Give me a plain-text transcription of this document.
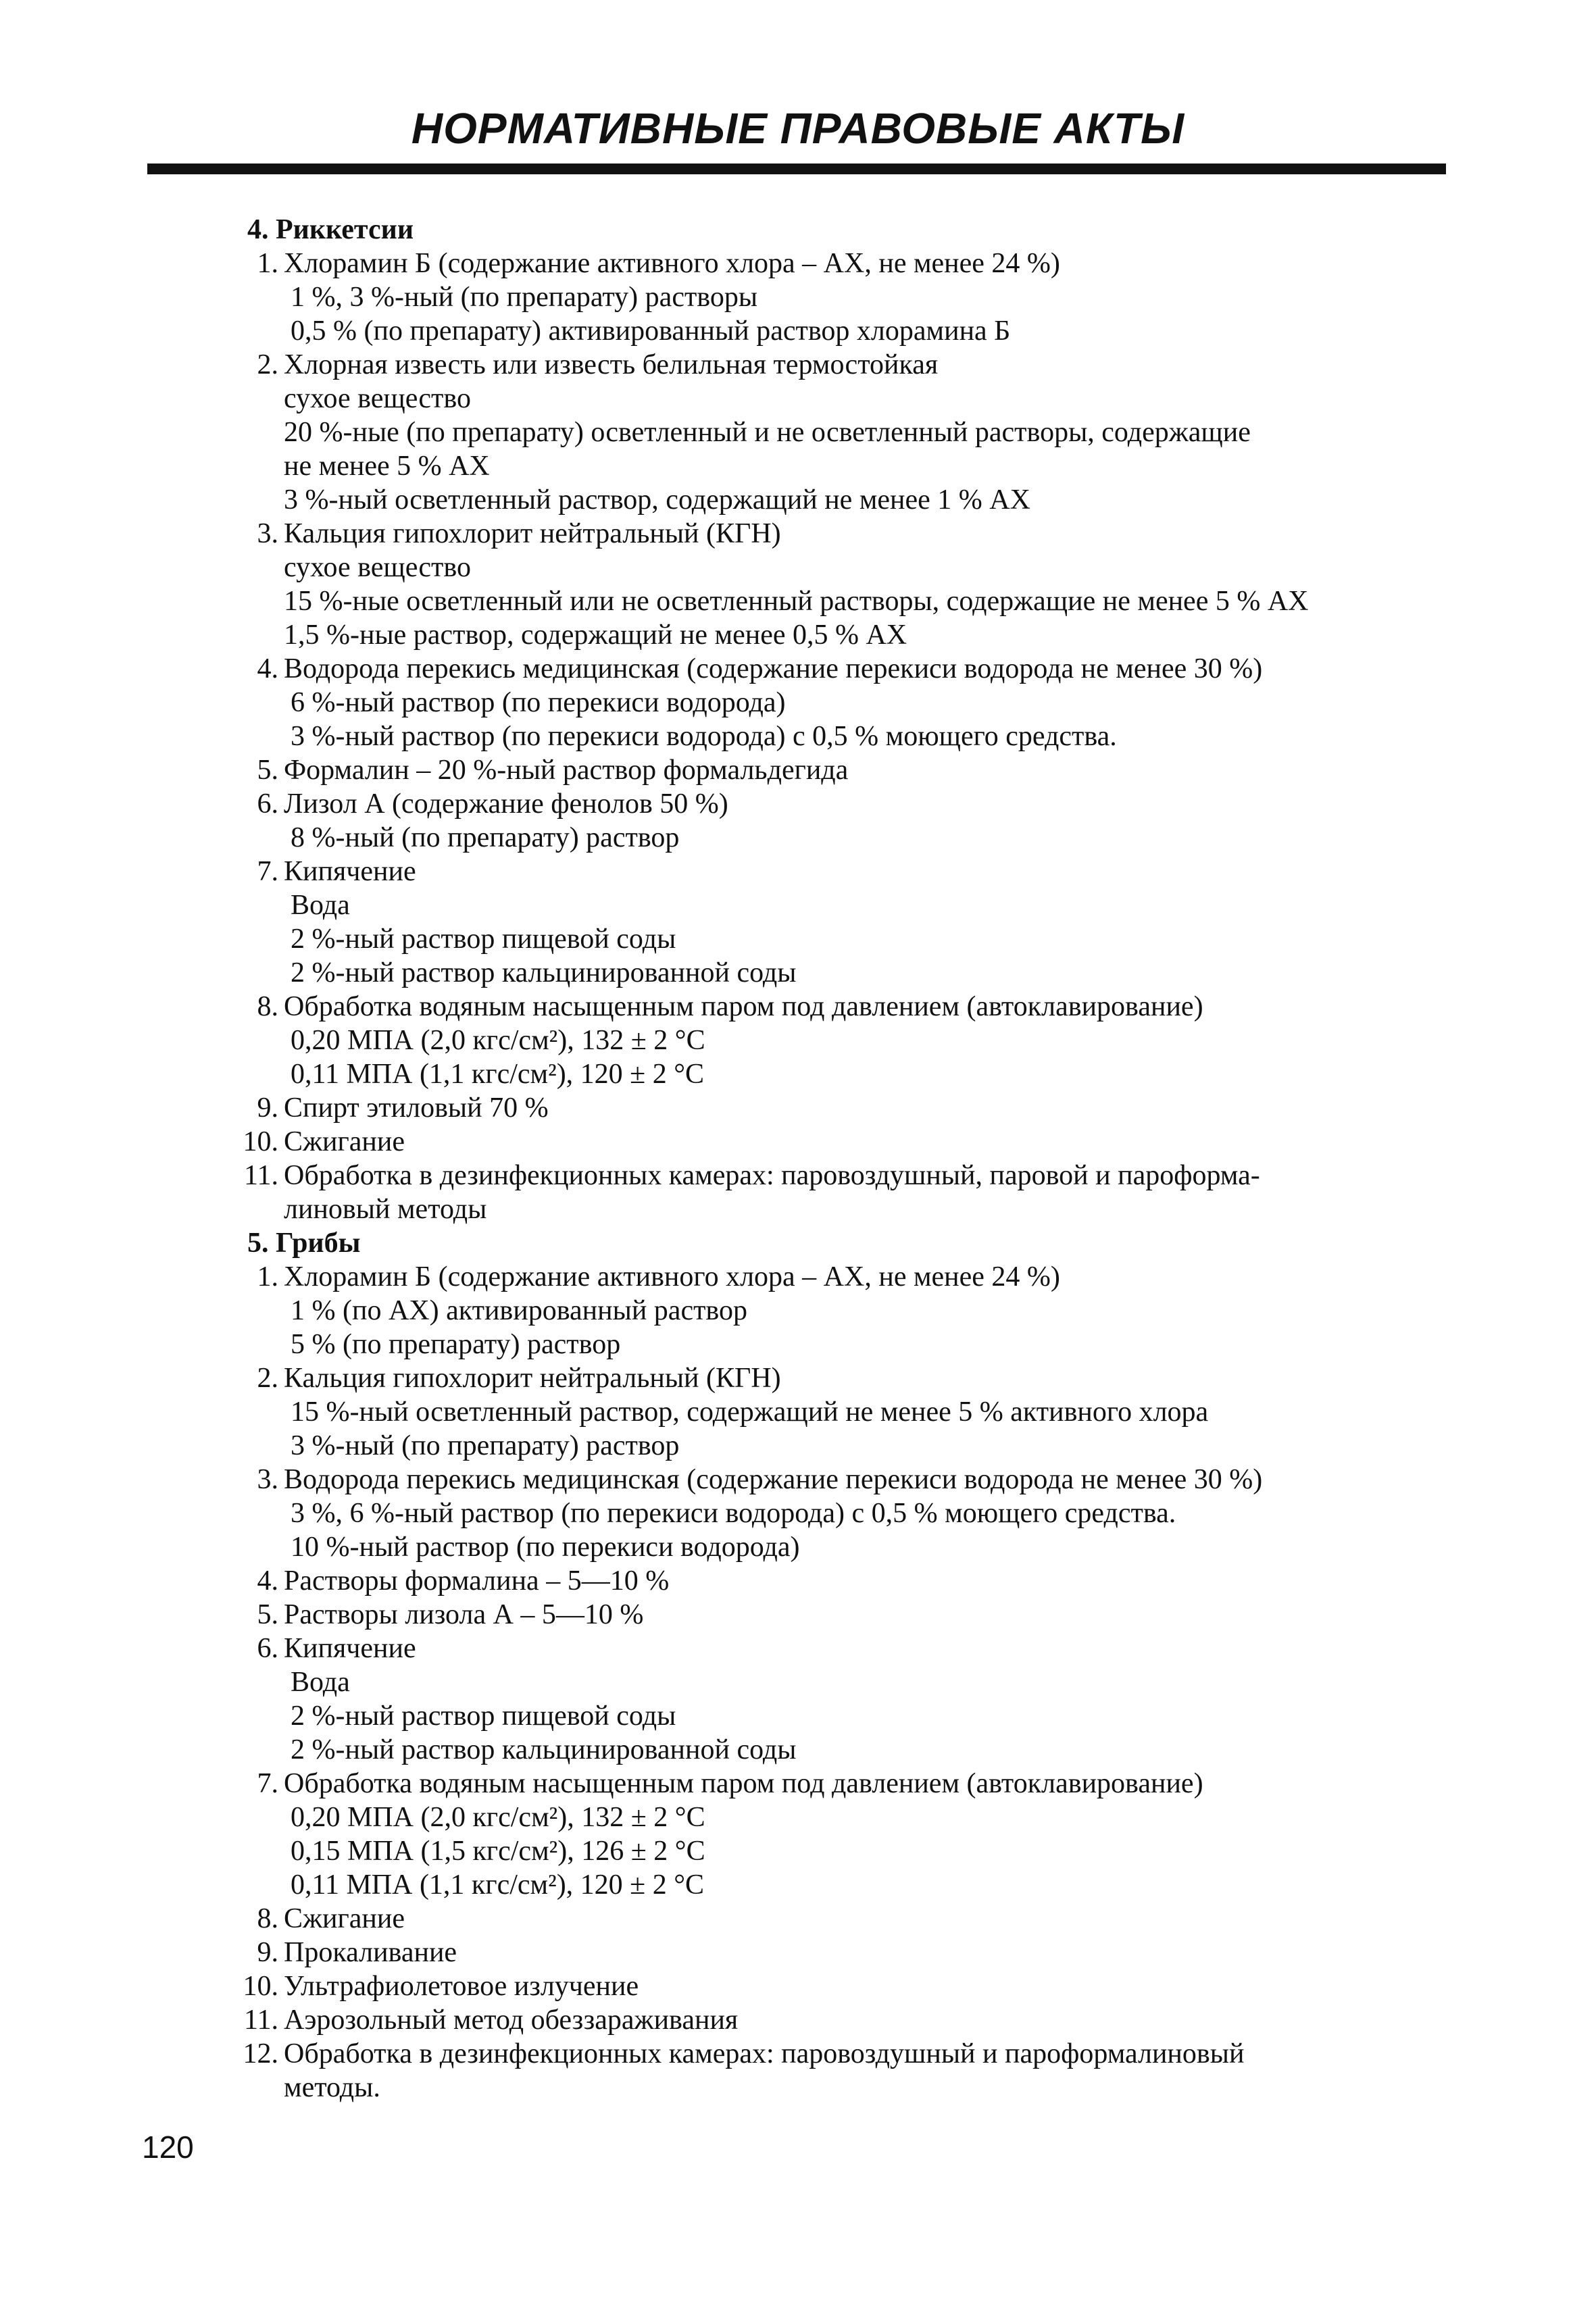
НОРМАТИВНЫЕ ПРАВОВЫЕ АКТЫ
4. Риккетсии
1. Хлорамин Б (содержание активного хлора – АХ, не менее 24 %)
1 %, 3 %-ный (по препарату) растворы
0,5 % (по препарату) активированный раствор хлорамина Б
2. Хлорная известь или известь белильная термостойкая
сухое вещество
20 %-ные (по препарату) осветленный и не осветленный растворы, содержащие
не менее 5 % АХ
3 %-ный осветленный раствор, содержащий не менее 1 % АХ
3. Кальция гипохлорит нейтральный (КГН)
сухое вещество
15 %-ные осветленный или не осветленный растворы, содержащие не менее 5 % АХ
1,5 %-ные раствор, содержащий не менее 0,5 % АХ
4. Водорода перекись медицинская (содержание перекиси водорода не менее 30 %)
6 %-ный раствор (по перекиси водорода)
3 %-ный раствор (по перекиси водорода) с 0,5 % моющего средства.
5. Формалин – 20 %-ный раствор формальдегида
6. Лизол А (содержание фенолов 50 %)
8 %-ный (по препарату) раствор
7. Кипячение
Вода
2 %-ный раствор пищевой соды
2 %-ный раствор кальцинированной соды
8. Обработка водяным насыщенным паром под давлением (автоклавирование)
0,20 МПА (2,0 кгс/см²), 132 ± 2 °С
0,11 МПА (1,1 кгс/см²), 120 ± 2 °С
9. Спирт этиловый 70 %
10. Сжигание
11. Обработка в дезинфекционных камерах: паровоздушный, паровой и пароформа-
линовый методы
5. Грибы
1. Хлорамин Б (содержание активного хлора – АХ, не менее 24 %)
1 % (по АХ) активированный раствор
5 % (по препарату) раствор
2. Кальция гипохлорит нейтральный (КГН)
15 %-ный осветленный раствор, содержащий не менее 5 % активного хлора
3 %-ный (по препарату) раствор
3. Водорода перекись медицинская (содержание перекиси водорода не менее 30 %)
3 %, 6 %-ный раствор (по перекиси водорода) с 0,5 % моющего средства.
10 %-ный раствор (по перекиси водорода)
4. Растворы формалина – 5—10 %
5. Растворы лизола А – 5—10 %
6. Кипячение
Вода
2 %-ный раствор пищевой соды
2 %-ный раствор кальцинированной соды
7. Обработка водяным насыщенным паром под давлением (автоклавирование)
0,20 МПА (2,0 кгс/см²), 132 ± 2 °С
0,15 МПА (1,5 кгс/см²), 126 ± 2 °С
0,11 МПА (1,1 кгс/см²), 120 ± 2 °С
8. Сжигание
9. Прокаливание
10. Ультрафиолетовое излучение
11. Аэрозольный метод обеззараживания
12. Обработка в дезинфекционных камерах: паровоздушный и пароформалиновый
методы.
120
